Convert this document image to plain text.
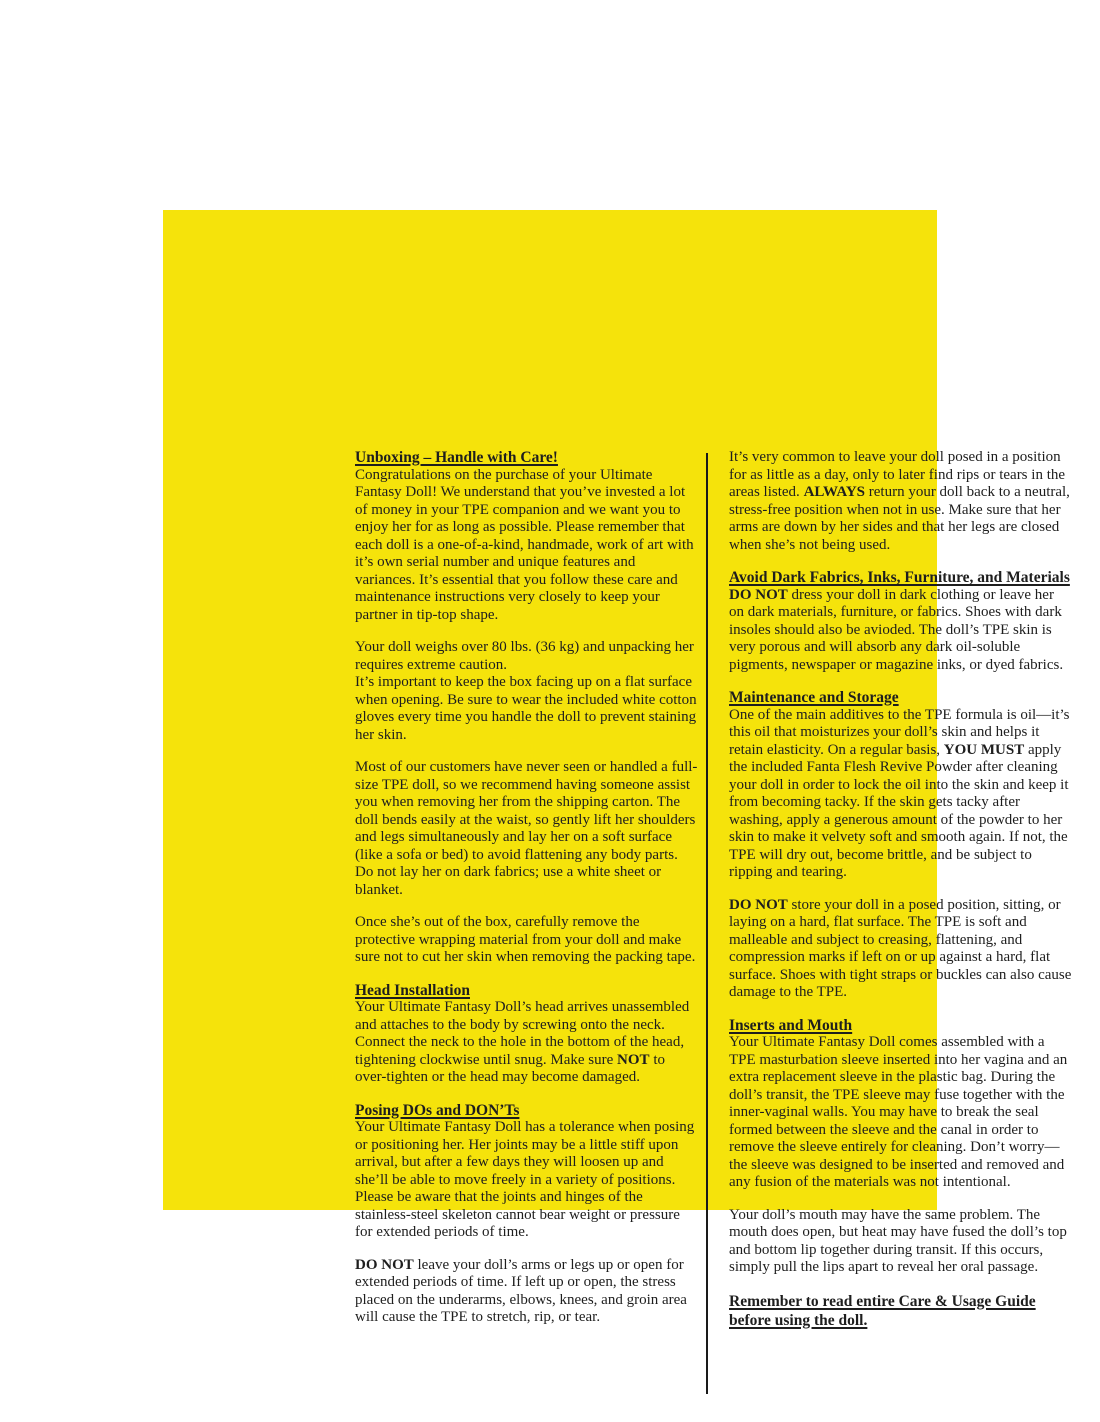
Unboxing – Handle with Care!
Congratulations on the purchase of your Ultimate Fantasy Doll! We understand that you’ve invested a lot of money in your TPE companion and we want you to enjoy her for as long as possible. Please remember that each doll is a one-of-a-kind, handmade, work of art with it’s own serial number and unique features and variances. It’s essential that you follow these care and maintenance instructions very closely to keep your partner in tip-top shape.
Your doll weighs over 80 lbs. (36 kg) and unpacking her requires extreme caution.
It’s important to keep the box facing up on a flat surface when opening. Be sure to wear the included white cotton gloves every time you handle the doll to prevent staining her skin.
Most of our customers have never seen or handled a full-size TPE doll, so we recommend having someone assist you when removing her from the shipping carton. The doll bends easily at the waist, so gently lift her shoulders and legs simultaneously and lay her on a soft surface (like a sofa or bed) to avoid flattening any body parts. Do not lay her on dark fabrics; use a white sheet or blanket.
Once she’s out of the box, carefully remove the protective wrapping material from your doll and make sure not to cut her skin when removing the packing tape.
Head Installation
Your Ultimate Fantasy Doll’s head arrives unassembled and attaches to the body by screwing onto the neck. Connect the neck to the hole in the bottom of the head, tightening clockwise until snug. Make sure NOT to over-tighten or the head may become damaged.
Posing DOs and DON’Ts
Your Ultimate Fantasy Doll has a tolerance when posing or positioning her. Her joints may be a little stiff upon arrival, but after a few days they will loosen up and she’ll be able to move freely in a variety of positions. Please be aware that the joints and hinges of the stainless-steel skeleton cannot bear weight or pressure for extended periods of time.
DO NOT leave your doll’s arms or legs up or open for extended periods of time. If left up or open, the stress placed on the underarms, elbows, knees, and groin area will cause the TPE to stretch, rip, or tear.
It’s very common to leave your doll posed in a position for as little as a day, only to later find rips or tears in the areas listed. ALWAYS return your doll back to a neutral, stress-free position when not in use. Make sure that her arms are down by her sides and that her legs are closed when she’s not being used.
Avoid Dark Fabrics, Inks, Furniture, and Materials
DO NOT dress your doll in dark clothing or leave her on dark materials, furniture, or fabrics. Shoes with dark insoles should also be avioded. The doll’s TPE skin is very porous and will absorb any dark oil-soluble pigments, newspaper or magazine inks, or dyed fabrics.
Maintenance and Storage
One of the main additives to the TPE formula is oil—it’s this oil that moisturizes your doll’s skin and helps it retain elasticity. On a regular basis, YOU MUST apply the included Fanta Flesh Revive Powder after cleaning your doll in order to lock the oil into the skin and keep it from becoming tacky. If the skin gets tacky after washing, apply a generous amount of the powder to her skin to make it velvety soft and smooth again. If not, the TPE will dry out, become brittle, and be subject to ripping and tearing.
DO NOT store your doll in a posed position, sitting, or laying on a hard, flat surface. The TPE is soft and malleable and subject to creasing, flattening, and compression marks if left on or up against a hard, flat surface. Shoes with tight straps or buckles can also cause damage to the TPE.
Inserts and Mouth
Your Ultimate Fantasy Doll comes assembled with a TPE masturbation sleeve inserted into her vagina and an extra replacement sleeve in the plastic bag. During the doll’s transit, the TPE sleeve may fuse together with the inner-vaginal walls. You may have to break the seal formed between the sleeve and the canal in order to remove the sleeve entirely for cleaning. Don’t worry—the sleeve was designed to be inserted and removed and any fusion of the materials was not intentional.
Your doll’s mouth may have the same problem. The mouth does open, but heat may have fused the doll’s top and bottom lip together during transit. If this occurs, simply pull the lips apart to reveal her oral passage.
Remember to read entire Care & Usage Guide before using the doll.
